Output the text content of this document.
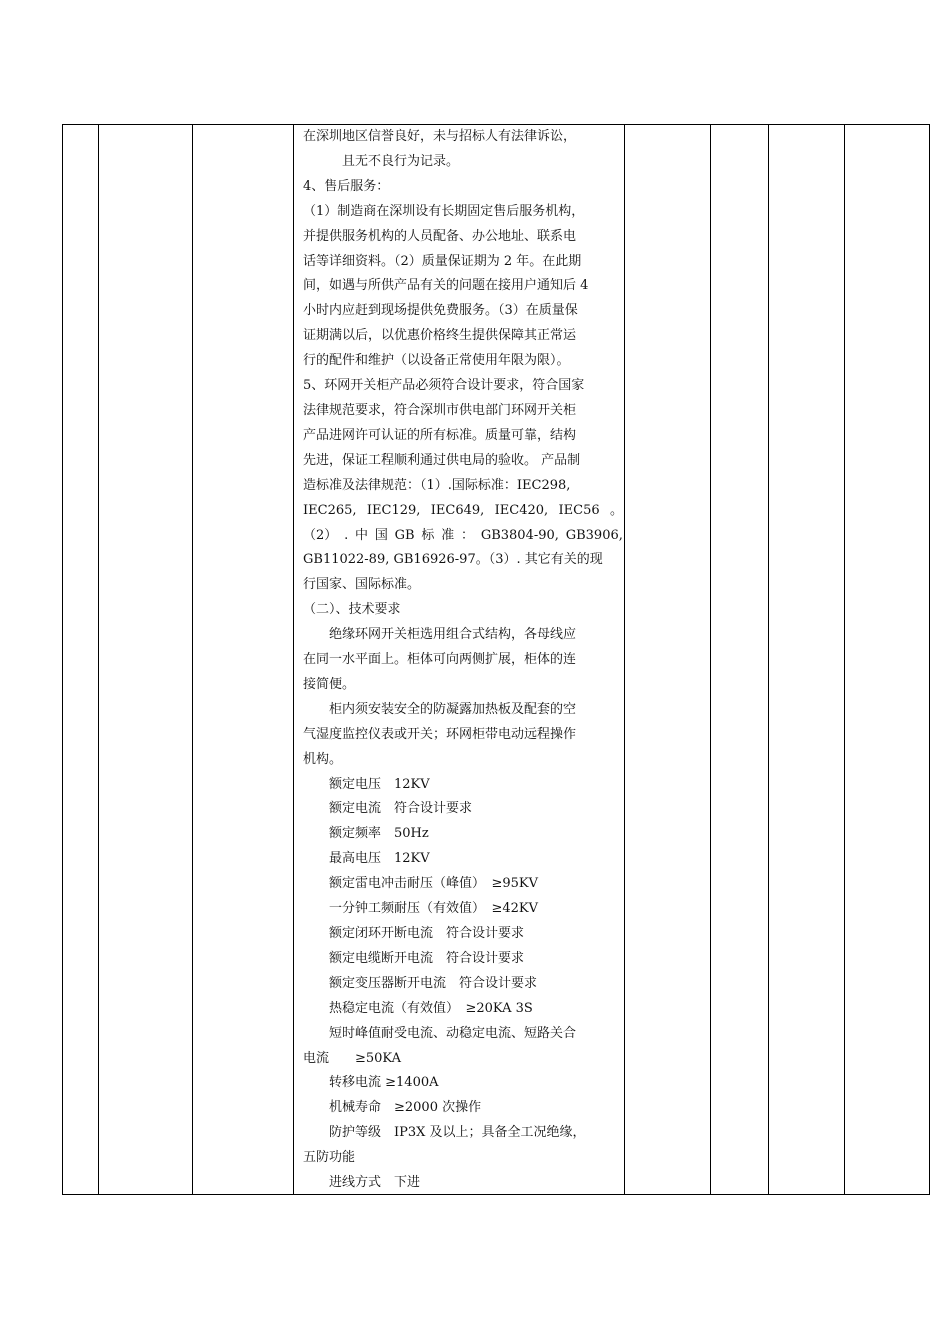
在深圳地区信誉良好，未与招标人有法律诉讼，

且无不良行为记录。

4、售后服务：

（1）制造商在深圳设有长期固定售后服务机构，

并提供服务机构的人员配备、办公地址、联系电

话等详细资料。（2）质量保证期为 2 年。在此期

间，如遇与所供产品有关的问题在接用户通知后 4

小时内应赶到现场提供免费服务。（3）在质量保

证期满以后，以优惠价格终生提供保障其正常运

行的配件和维护（以设备正常使用年限为限）。

5、环网开关柜产品必须符合设计要求，符合国家

法律规范要求，符合深圳市供电部门环网开关柜

产品进网许可认证的所有标准。质量可靠，结构

先进，保证工程顺利通过供电局的验收。 产品制

造标准及法律规范：（1）.国际标准：IEC298,

IEC265, IEC129, IEC649, IEC420, IEC56 。

（2） . 中 国 GB 标 准 ： GB3804-90, GB3906,

GB11022-89, GB16926-97。（3）. 其它有关的现

行国家、国际标准。

（二）、技术要求

绝缘环网开关柜选用组合式结构，各母线应

在同一水平面上。柜体可向两侧扩展，柜体的连

接简便。

柜内须安装安全的防凝露加热板及配套的空

气湿度监控仪表或开关；环网柜带电动远程操作

机构。

额定电压　12KV

额定电流　符合设计要求

额定频率　50Hz

最高电压　12KV

额定雷电冲击耐压（峰值）　≥95KV

一分钟工频耐压（有效值）　≥42KV

额定闭环开断电流　符合设计要求

额定电缆断开电流　符合设计要求

额定变压器断开电流　符合设计要求

热稳定电流（有效值）　≥20KA 3S

短时峰值耐受电流、动稳定电流、短路关合

电流　　≥50KA

转移电流 ≥1400A

机械寿命　≥2000 次操作

防护等级　IP3X 及以上；具备全工况绝缘，

五防功能

进线方式　下进
